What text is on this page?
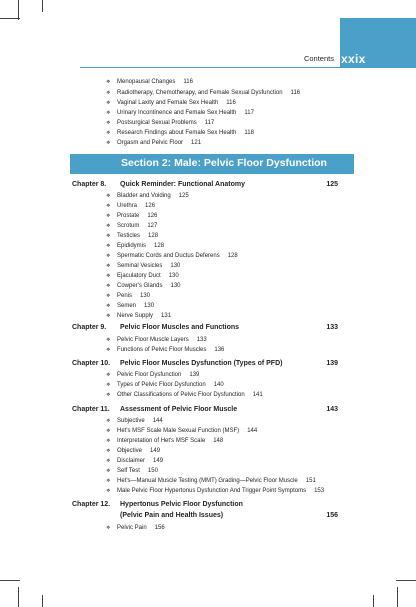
Contents xxix
❖ Menopausal Changes 116
❖ Radiotherapy, Chemotherapy, and Female Sexual Dysfunction 116
❖ Vaginal Laxity and Female Sex Health 116
❖ Urinary Incontinence and Female Sex Health 117
❖ Postsurgical Sexual Problems 117
❖ Research Findings about Female Sex Health 118
❖ Orgasm and Pelvic Floor 121
Section 2: Male: Pelvic Floor Dysfunction
Chapter 8.	Quick Reminder: Functional Anatomy	125
❖ Bladder and Voiding 125
❖ Urethra 126
❖ Prostate 126
❖ Scrotum 127
❖ Testicles 128
❖ Epididymis 128
❖ Spermatic Cords and Ductus Deferens 128
❖ Seminal Vesicles 130
❖ Ejaculatory Duct 130
❖ Cowper's Glands 130
❖ Penis 130
❖ Semen 130
❖ Nerve Supply 131
Chapter 9.	Pelvic Floor Muscles and Functions	133
❖ Pelvic Floor Muscle Layers 133
❖ Functions of Pelvic Floor Muscles 136
Chapter 10.	Pelvic Floor Muscles Dysfunction (Types of PFD)	139
❖ Pelvic Floor Dysfunction 139
❖ Types of Pelvic Floor Dysfunction 140
❖ Other Classifications of Pelvic Floor Dysfunction 141
Chapter 11.	Assessment of Pelvic Floor Muscle	143
❖ Subjective 144
❖ Het's MSF Scale Male Sexual Function (MSF) 144
❖ Interpretation of Het's MSF Scale 148
❖ Objective 149
❖ Disclaimer 149
❖ Self Test 150
❖ Het's—Manual Muscle Testing (MMT) Grading—Pelvic Floor Muscle 151
❖ Male Pelvic Floor Hypertonus Dysfunction And Trigger Point Symptoms 153
Chapter 12.	Hypertonus Pelvic Floor Dysfunction
(Pelvic Pain and Health Issues)	156
❖ Pelvic Pain 156
